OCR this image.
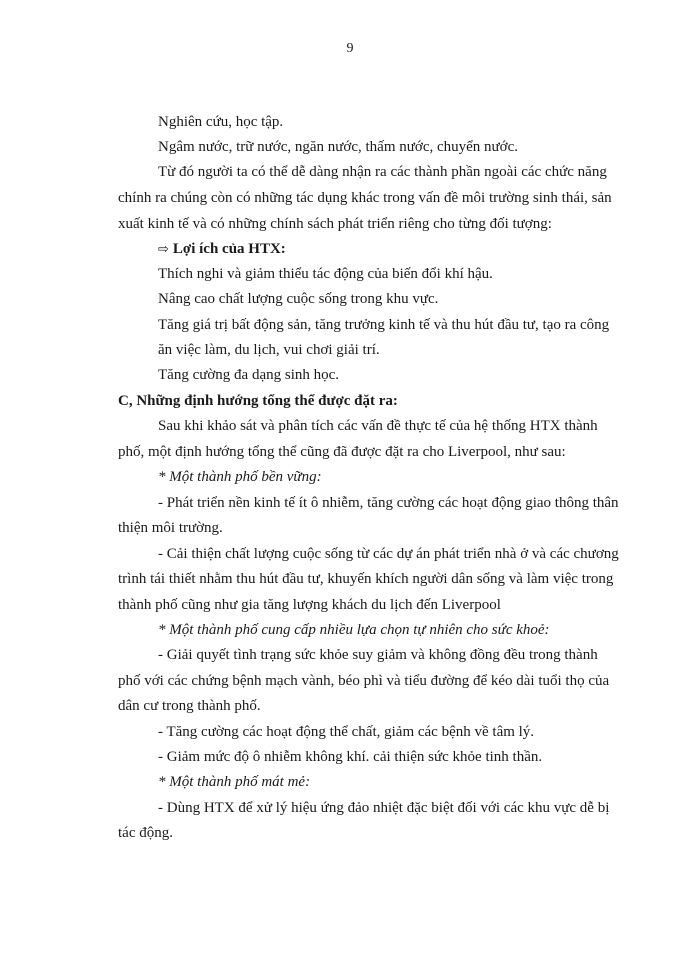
9
Nghiên cứu, học tập.
Ngâm nước, trữ nước, ngăn nước, thấm nước, chuyển nước.
Từ đó người ta có thể dễ dàng nhận ra các thành phần ngoài các chức năng
chính ra chúng còn có những tác dụng khác trong vấn đề môi trường sinh thái, sản
xuất kinh tế và có những chính sách phát triển riêng cho từng đối tượng:
⇨ Lợi ích của HTX:
Thích nghi và giảm thiểu tác động của biến đổi khí hậu.
Nâng cao chất lượng cuộc sống trong khu vực.
Tăng giá trị bất động sản, tăng trưởng kinh tế và thu hút đầu tư, tạo ra công
ăn việc làm, du lịch, vui chơi giải trí.
Tăng cường đa dạng sinh học.
C, Những định hướng tổng thể được đặt ra:
Sau khi khảo sát và phân tích các vấn đề thực tế của hệ thống HTX thành
phố, một định hướng tổng thể cũng đã được đặt ra cho Liverpool, như sau:
* Một thành phố bền vững:
- Phát triển nền kinh tế ít ô nhiễm, tăng cường các hoạt động giao thông thân
thiện môi trường.
- Cải thiện chất lượng cuộc sống từ các dự án phát triển nhà ở và các chương
trình tái thiết nhằm thu hút đầu tư, khuyến khích người dân sống và làm việc trong
thành phố cũng như gia tăng lượng khách du lịch đến Liverpool
* Một thành phố cung cấp nhiều lựa chọn tự nhiên cho sức khoẻ:
- Giải quyết tình trạng sức khỏe suy giảm và không đồng đều trong thành
phố với các chứng bệnh mạch vành, béo phì và tiểu đường để kéo dài tuổi thọ của
dân cư trong thành phố.
- Tăng cường các hoạt động thể chất, giảm các bệnh về tâm lý.
- Giảm mức độ ô nhiễm không khí. cải thiện sức khỏe tinh thần.
* Một thành phố mát mẻ:
- Dùng HTX để xử lý hiệu ứng đảo nhiệt đặc biệt đối với các khu vực dễ bị
tác động.
